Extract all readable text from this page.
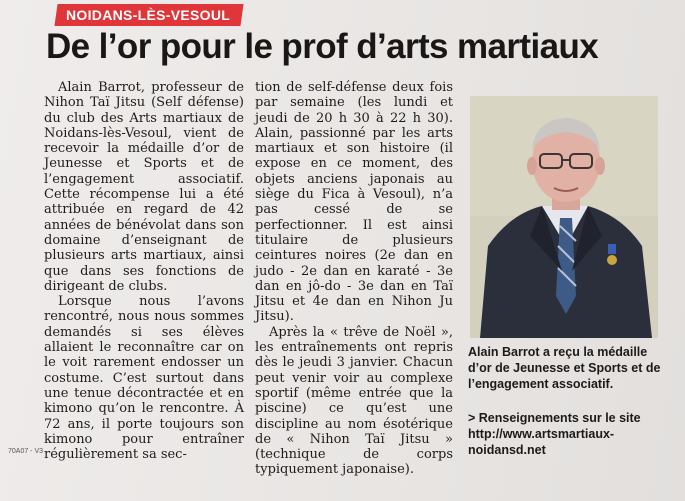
NOIDANS-LÈS-VESOUL
De l’or pour le prof d’arts martiaux

Alain Barrot, professeur de Nihon Taï Jitsu (Self défense) du club des Arts martiaux de Noidans-lès-Vesoul, vient de recevoir la médaille d’or de Jeunesse et Sports et de l’engagement associatif. Cette récompense lui a été attribuée en regard de 42 années de bénévolat dans son domaine d’enseignant de plusieurs arts martiaux, ainsi que dans ses fonctions de dirigeant de clubs.

Lorsque nous l’avons rencontré, nous nous sommes demandés si ses élèves allaient le reconnaître car on le voit rarement endosser un costume. C’est surtout dans une tenue décontractée et en kimono qu’on le rencontre. À 72 ans, il porte toujours son kimono pour entraîner régulièrement sa sec-

tion de self-défense deux fois par semaine (les lundi et jeudi de 20 h 30 à 22 h 30). Alain, passionné par les arts martiaux et son histoire (il expose en ce moment, des objets anciens japonais au siège du Fica à Vesoul), n’a pas cessé de se perfectionner. Il est ainsi titulaire de plusieurs ceintures noires (2e dan en judo - 2e dan en karaté - 3e dan en jô-do - 3e dan en Taï Jitsu et 4e dan en Nihon Ju Jitsu).

Après la « trêve de Noël », les entraînements ont repris dès le jeudi 3 janvier. Chacun peut venir voir au complexe sportif (même entrée que la piscine) ce qu’est une discipline au nom ésotérique de « Nihon Taï Jitsu » (technique de corps typiquement japonaise).

Alain Barrot a reçu la médaille d’or de Jeunesse et Sports et de l’engagement associatif.
> Renseignements sur le site
http://www.artsmartiaux-noidansd.net
70A07 - V3
